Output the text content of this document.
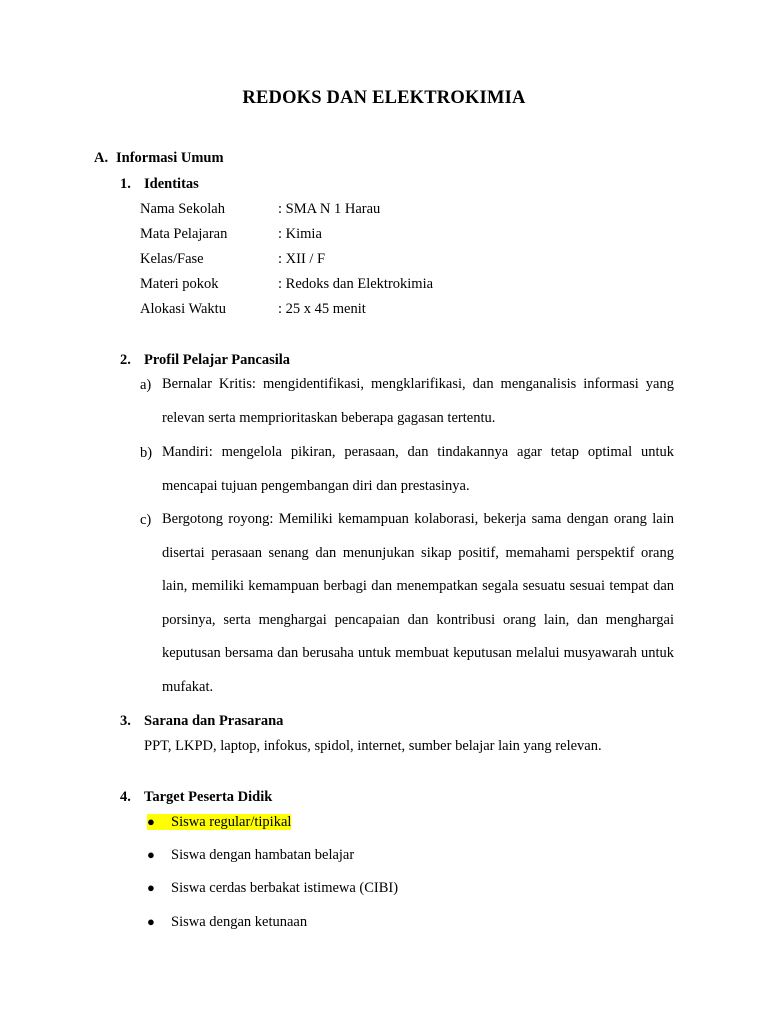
REDOKS DAN ELEKTROKIMIA
A. Informasi Umum
1. Identitas
Nama Sekolah	: SMA N 1 Harau
Mata Pelajaran	: Kimia
Kelas/Fase	: XII / F
Materi pokok	: Redoks dan Elektrokimia
Alokasi Waktu	: 25 x 45 menit
2. Profil Pelajar Pancasila
a) Bernalar Kritis: mengidentifikasi, mengklarifikasi, dan menganalisis informasi yang relevan serta memprioritaskan beberapa gagasan tertentu.
b) Mandiri: mengelola pikiran, perasaan, dan tindakannya agar tetap optimal untuk mencapai tujuan pengembangan diri dan prestasinya.
c) Bergotong royong: Memiliki kemampuan kolaborasi, bekerja sama dengan orang lain disertai perasaan senang dan menunjukan sikap positif, memahami perspektif orang lain, memiliki kemampuan berbagi dan menempatkan segala sesuatu sesuai tempat dan porsinya, serta menghargai pencapaian dan kontribusi orang lain, dan menghargai keputusan bersama dan berusaha untuk membuat keputusan melalui musyawarah untuk mufakat.
3. Sarana dan Prasarana
PPT, LKPD, laptop, infokus, spidol, internet, sumber belajar lain yang relevan.
4. Target Peserta Didik
● Siswa regular/tipikal
● Siswa dengan hambatan belajar
● Siswa cerdas berbakat istimewa (CIBI)
● Siswa dengan ketunaan
